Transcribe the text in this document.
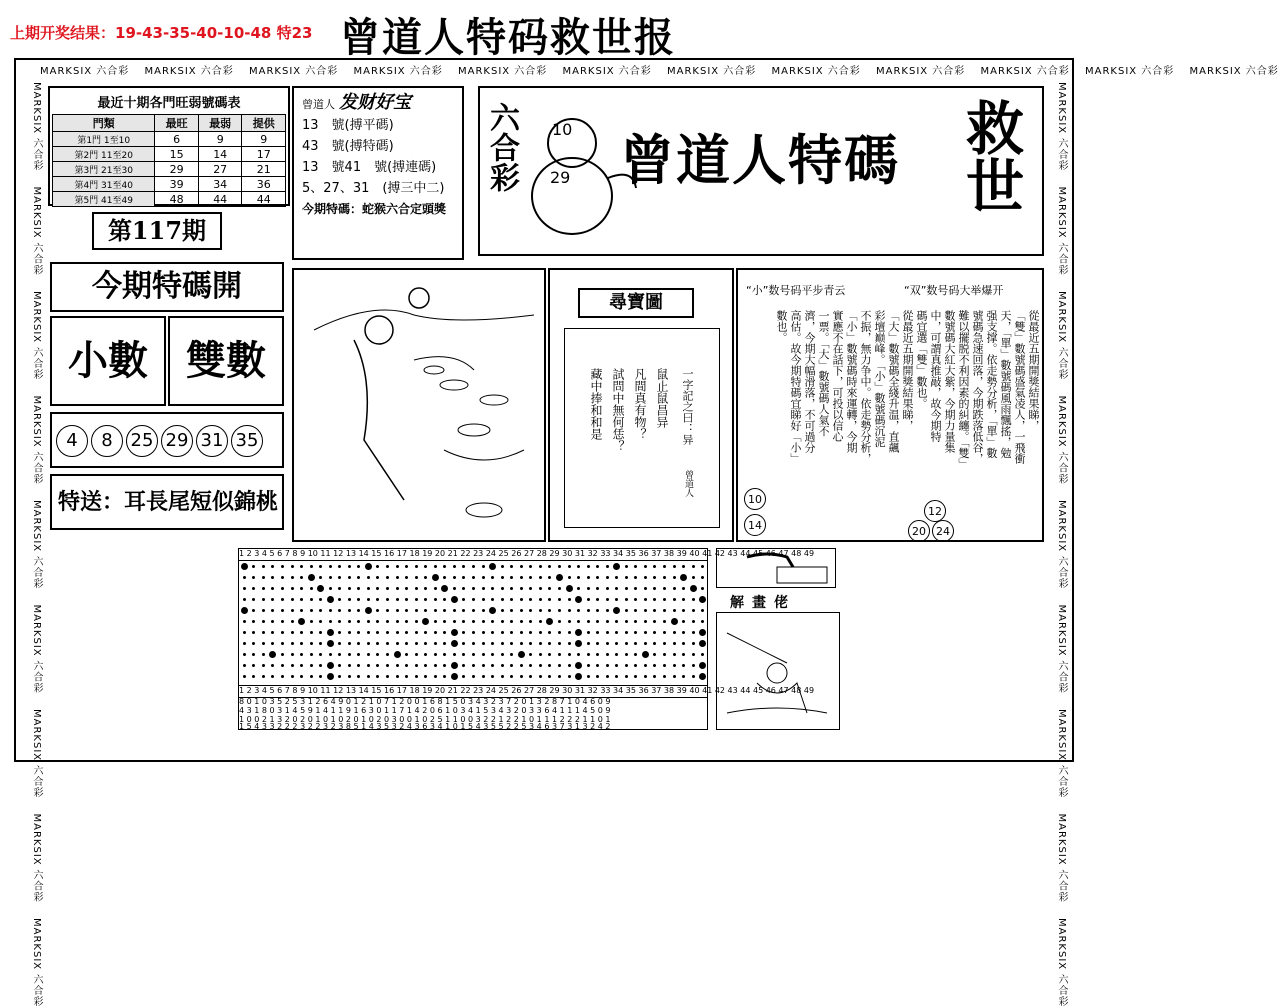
上期开奖结果：19-43-35-40-10-48 特23 曾道人特码救世报
MARKSIX 六合彩　 MARKSIX 六合彩　 MARKSIX 六合彩　 MARKSIX 六合彩　 MARKSIX 六合彩　 MARKSIX 六合彩　 MARKSIX 六合彩　 MARKSIX 六合彩　 MARKSIX 六合彩　 MARKSIX 六合彩　 MARKSIX 六合彩　 MARKSIX 六合彩
MARKSIX 六合彩　 MARKSIX 六合彩　 MARKSIX 六合彩　 MARKSIX 六合彩　 MARKSIX 六合彩　 MARKSIX 六合彩　 MARKSIX 六合彩　 MARKSIX 六合彩　 MARKSIX 六合彩
MARKSIX 六合彩　 MARKSIX 六合彩　 MARKSIX 六合彩　 MARKSIX 六合彩　 MARKSIX 六合彩　 MARKSIX 六合彩　 MARKSIX 六合彩　 MARKSIX 六合彩　 MARKSIX 六合彩
最近十期各門旺弱號碼表
門類	最旺	最弱	提供
第1門 1至10	6	9	9
第2門 11至20	15	14	17
第3門 21至30	29	27	21
第4門 31至40	39	34	36
第5門 41至49	48	44	44
第117期
曾道人 发财好宝
13　號(搏平碼)
43　號(搏特碼)
13　號41　號(搏連碼)
5、27、31　(搏三中二)
今期特碼：蛇猴六合定頭獎
六合彩 10
29 曾道人特碼 救世
今期特碼開
小數 雙數
4 8 25 29 31 35
特送：耳長尾短似錦桃
尋寶圖
一字記之曰：异
鼠止鼠昌异
凡間真有物？
試問中無何恁？
藏中捧和和是
曾道人
“小”数号码平步青云	“双”数号码大举爆开
從最近五期開獎結果睇，
「雙」數號碼盛氣凌人，一飛衝
天，「單」數號碼風雨飄搖，勉
强支撑。依走勢分析，「單」數
號碼急速回落，今期跌落低谷，
難以擺脱不利因素的糾纏。「雙」
數號碼大紅大紫，今期力量集
中，可謂真推敲，故今期特
碼宜選「雙」數也。
從最近五期開獎結果睇，
「大」數號碼全綫升温，直飆
彩壇巅峰。「小」數號碼沉泥
不振，無力争中。依走勢分析，
「小」數號碼時來運轉，今期
實應不在話下，可投以信心
一票。「大」數號碼人氣不
濟，今期大幅滑落，不可過分
高估。故今期特碼宜睇好「小」
數也。
10
14
12
20 24
1 2 3 4 5 6 7 8 9 10 11 12 13 14 15 16 17 18 19 20 21 22 23 24 25 26 27 28 29 30 31 32 33 34 35 36 37 38 39 40 41 42 43 44 45 46 47 48 49
1 2 3 4 5 6 7 8 9 10 11 12 13 14 15 16 17 18 19 20 21 22 23 24 25 26 27 28 29 30 31 32 33 34 35 36 37 38 39 40 41 42 43 44 45 46 47 48 49
8 0 1 0 3 5 2 5 3 1 2 6 4 9 0 1 2 1 0 7 1 2 0 0 1 6 8 1 5 0 3 4 3 2 3 7 2 0 1 3 2 8 7 1 0 4 6 0 9
4 3 1 8 0 3 1 4 5 9 1 4 1 1 9 1 6 3 0 1 1 7 1 4 2 0 6 1 0 3 4 1 5 3 4 3 2 0 3 3 6 4 1 1 1 4 5 0 9
1 0 0 2 1 3 2 0 2 0 1 0 1 0 2 0 1 0 2 0 3 0 0 1 0 2 5 1 1 0 0 3 2 2 1 2 2 1 0 1 1 1 2 2 2 1 1 0 1
1 5 4 3 3 2 2 2 3 2 2 3 2 3 8 5 1 4 3 5 3 2 4 3 6 3 4 1 0 1 5 4 3 5 5 2 2 5 3 4 6 3 7 3 1 3 2 4 2
解畫佬
